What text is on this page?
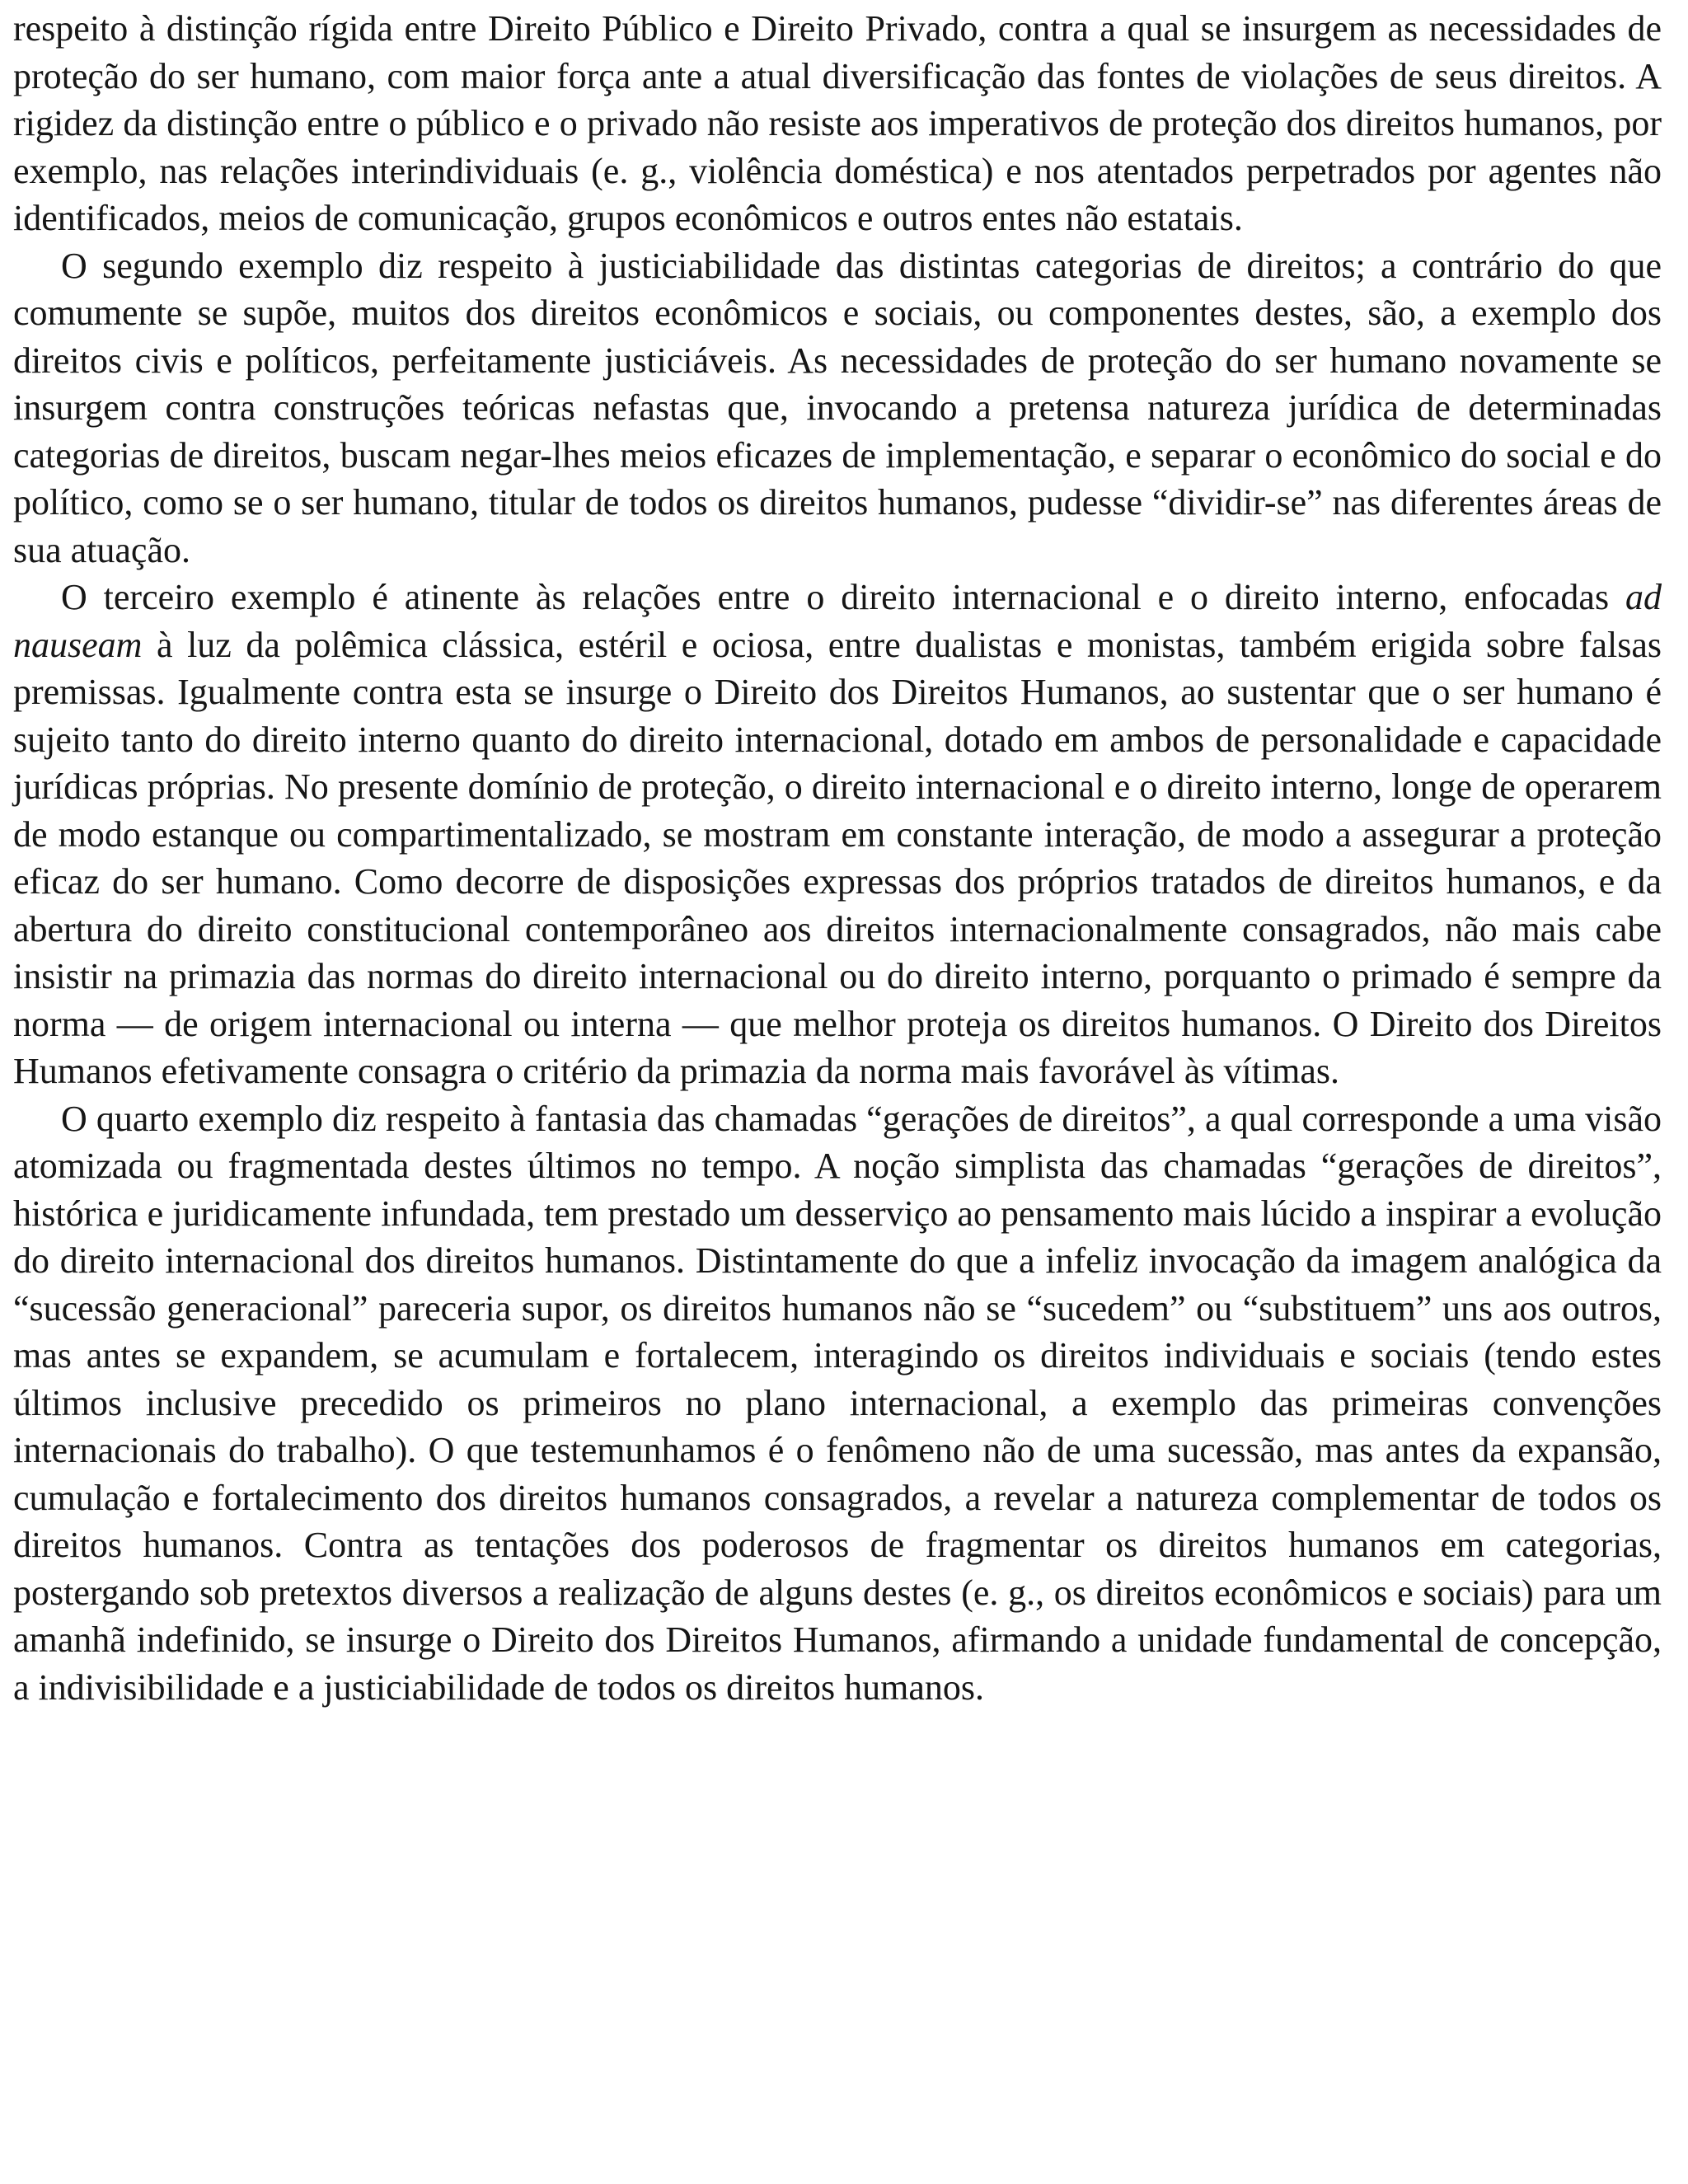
respeito à distinção rígida entre Direito Público e Direito Privado, contra a qual se insurgem as necessidades de proteção do ser humano, com maior força ante a atual diversificação das fontes de violações de seus direitos. A rigidez da distinção entre o público e o privado não resiste aos imperativos de proteção dos direitos humanos, por exemplo, nas relações interindividuais (e. g., violência doméstica) e nos atentados perpetrados por agentes não identificados, meios de comunicação, grupos econômicos e outros entes não estatais.

O segundo exemplo diz respeito à justiciabilidade das distintas categorias de direitos; a contrário do que comumente se supõe, muitos dos direitos econômicos e sociais, ou componentes destes, são, a exemplo dos direitos civis e políticos, perfeitamente justiciáveis. As necessidades de proteção do ser humano novamente se insurgem contra construções teóricas nefastas que, invocando a pretensa natureza jurídica de determinadas categorias de direitos, buscam negar-lhes meios eficazes de implementação, e separar o econômico do social e do político, como se o ser humano, titular de todos os direitos humanos, pudesse “dividir-se” nas diferentes áreas de sua atuação.

O terceiro exemplo é atinente às relações entre o direito internacional e o direito interno, enfocadas ad nauseam à luz da polêmica clássica, estéril e ociosa, entre dualistas e monistas, também erigida sobre falsas premissas. Igualmente contra esta se insurge o Direito dos Direitos Humanos, ao sustentar que o ser humano é sujeito tanto do direito interno quanto do direito internacional, dotado em ambos de personalidade e capacidade jurídicas próprias. No presente domínio de proteção, o direito internacional e o direito interno, longe de operarem de modo estanque ou compartimentalizado, se mostram em constante interação, de modo a assegurar a proteção eficaz do ser humano. Como decorre de disposições expressas dos próprios tratados de direitos humanos, e da abertura do direito constitucional contemporâneo aos direitos internacionalmente consagrados, não mais cabe insistir na primazia das normas do direito internacional ou do direito interno, porquanto o primado é sempre da norma — de origem internacional ou interna — que melhor proteja os direitos humanos. O Direito dos Direitos Humanos efetivamente consagra o critério da primazia da norma mais favorável às vítimas.

O quarto exemplo diz respeito à fantasia das chamadas “gerações de direitos”, a qual corresponde a uma visão atomizada ou fragmentada destes últimos no tempo. A noção simplista das chamadas “gerações de direitos”, histórica e juridicamente infundada, tem prestado um desserviço ao pensamento mais lúcido a inspirar a evolução do direito internacional dos direitos humanos. Distintamente do que a infeliz invocação da imagem analógica da “sucessão generacional” pareceria supor, os direitos humanos não se “sucedem” ou “substituem” uns aos outros, mas antes se expandem, se acumulam e fortalecem, interagindo os direitos individuais e sociais (tendo estes últimos inclusive precedido os primeiros no plano internacional, a exemplo das primeiras convenções internacionais do trabalho). O que testemunhamos é o fenômeno não de uma sucessão, mas antes da expansão, cumulação e fortalecimento dos direitos humanos consagrados, a revelar a natureza complementar de todos os direitos humanos. Contra as tentações dos poderosos de fragmentar os direitos humanos em categorias, postergando sob pretextos diversos a realização de alguns destes (e. g., os direitos econômicos e sociais) para um amanhã indefinido, se insurge o Direito dos Direitos Humanos, afirmando a unidade fundamental de concepção, a indivisibilidade e a justiciabilidade de todos os direitos humanos.
